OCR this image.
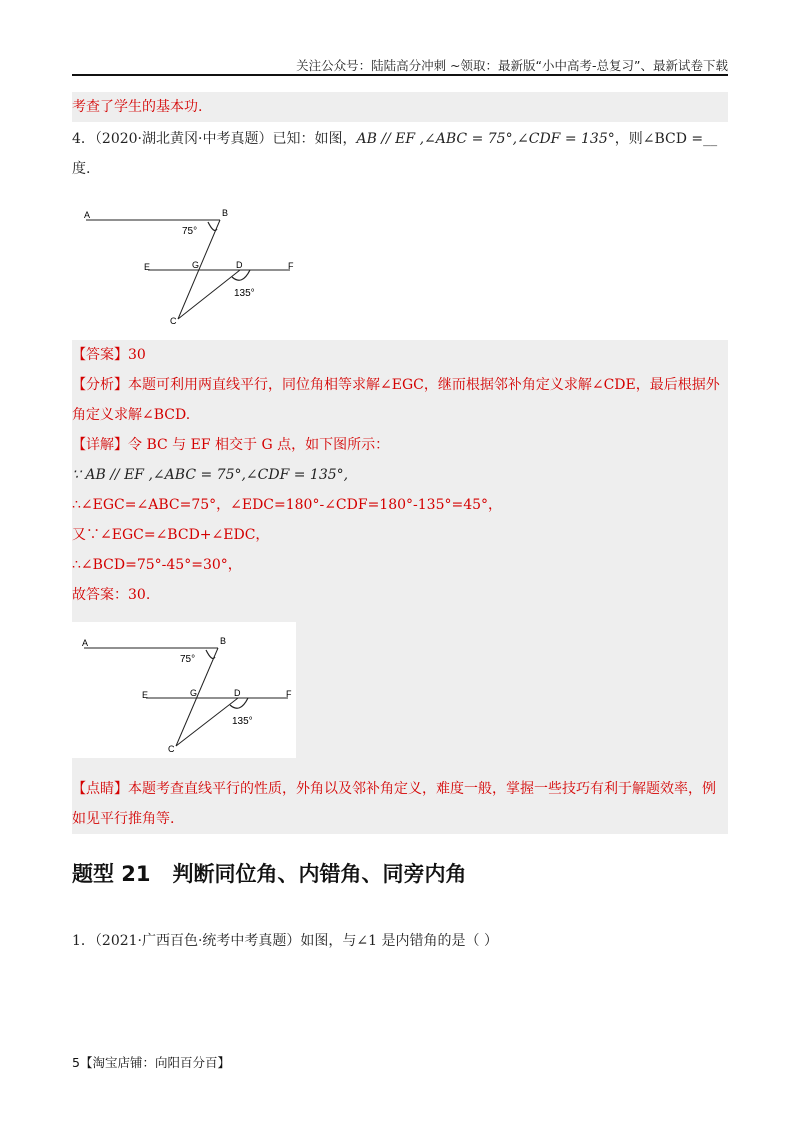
关注公众号：陆陆高分冲刺 ~领取：最新版“小中高考-总复习”、最新试卷下载
考查了学生的基本功.
4．（2020·湖北黄冈·中考真题）已知：如图，AB // EF ,∠ABC = 75°,∠CDF = 135°，则∠BCD =__
度.
A	B
E	F
G	D
C
75°
135°
【答案】30
【分析】本题可利用两直线平行，同位角相等求解∠EGC，继而根据邻补角定义求解∠CDE，最后根据外
角定义求解∠BCD.
【详解】令 BC 与 EF 相交于 G 点，如下图所示：
∵ AB // EF ,∠ABC = 75°,∠CDF = 135°,
∴∠EGC=∠ABC=75°，∠EDC=180°-∠CDF=180°-135°=45°，
又∵∠EGC=∠BCD+∠EDC，
∴∠BCD=75°-45°=30°，
故答案：30.
A	B
E	F
G	D
C
75°
135°
【点睛】本题考查直线平行的性质，外角以及邻补角定义，难度一般，掌握一些技巧有利于解题效率，例
如见平行推角等.
题型 21 判断同位角、内错角、同旁内角
1．（2021·广西百色·统考中考真题）如图，与∠1 是内错角的是（ ）
5【淘宝店铺：向阳百分百】
